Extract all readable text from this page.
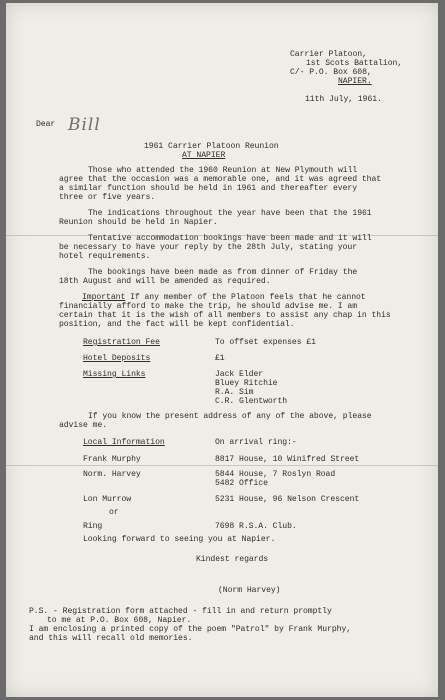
Carrier Platoon,
1st Scots Battalion,
C/- P.O. Box 608,
NAPIER.
11th July, 1961.
Dear Bill
1961 Carrier Platoon Reunion
AT NAPIER
Those who attended the 1960 Reunion at New Plymouth will
agree that the occasion was a memorable one, and it was agreed that
a similar function should be held in 1961 and thereafter every
three or five years.
The indications throughout the year have been that the 1961
Reunion should be held in Napier.
Tentative accommodation bookings have been made and it will
be necessary to have your reply by the 28th July, stating your
hotel requirements.
The bookings have been made as from dinner of Friday the
18th August and will be amended as required.
Important If any member of the Platoon feels that he cannot
financially afford to make the trip, he should advise me. I am
certain that it is the wish of all members to assist any chap in this
position, and the fact will be kept confidential.
Registration Fee	To offset expenses £1
Hotel Deposits	£1
Missing Links	Jack Elder
Bluey Ritchie
R.A. Sim
C.R. Glentworth
If you know the present address of any of the above, please
advise me.
Local Information	On arrival ring:-
Frank Murphy	8817 House, 10 Winifred Street
Norm. Harvey	5844 House, 7 Roslyn Road
5482 Office
Lon Murrow	5231 House, 96 Nelson Crescent
or
Ring	7698 R.S.A. Club.
Looking forward to seeing you at Napier.
Kindest regards
(Norm Harvey)
P.S. - Registration form attached - fill in and return promptly
to me at P.O. Box 608, Napier.
I am enclosing a printed copy of the poem "Patrol" by Frank Murphy,
and this will recall old memories.
